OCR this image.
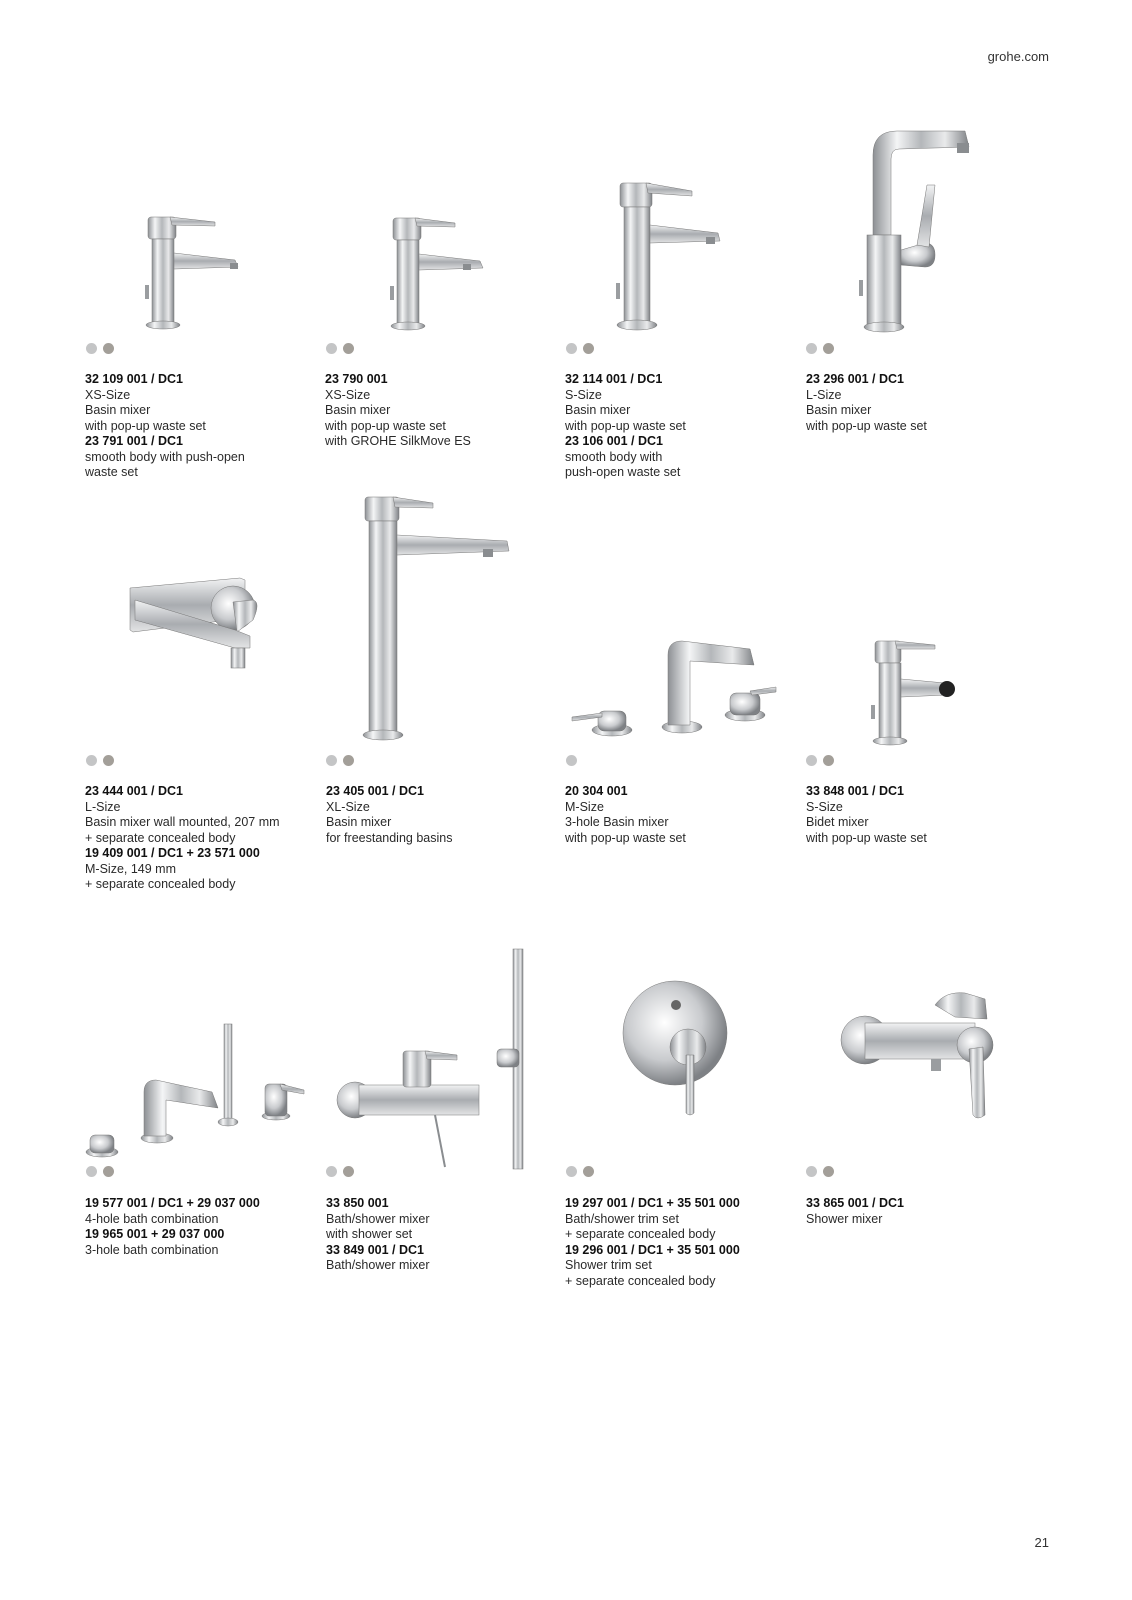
grohe.com
21
32 109 001 / DC1
XS-Size
Basin mixer
with pop-up waste set
23 791 001 / DC1
smooth body with push-open
waste set
23 790 001
XS-Size
Basin mixer
with pop-up waste set
with GROHE SilkMove ES
32 114 001 / DC1
S-Size
Basin mixer
with pop-up waste set
23 106 001 / DC1
smooth body with
push-open waste set
23 296 001 / DC1
L-Size
Basin mixer
with pop-up waste set
23 444 001 / DC1
L-Size
Basin mixer wall mounted, 207 mm
+ separate concealed body
19 409 001 / DC1 + 23 571 000
M-Size, 149 mm
+ separate concealed body
23 405 001 / DC1
XL-Size
Basin mixer
for freestanding basins
20 304 001
M-Size
3-hole Basin mixer
with pop-up waste set
33 848 001 / DC1
S-Size
Bidet mixer
with pop-up waste set
19 577 001 / DC1 + 29 037 000
4-hole bath combination
19 965 001 + 29 037 000
3-hole bath combination
33 850 001
Bath/shower mixer
with shower set
33 849 001 / DC1
Bath/shower mixer
19 297 001 / DC1 + 35 501 000
Bath/shower trim set
+ separate concealed body
19 296 001 / DC1 + 35 501 000
Shower trim set
+ separate concealed body
33 865 001 / DC1
Shower mixer
